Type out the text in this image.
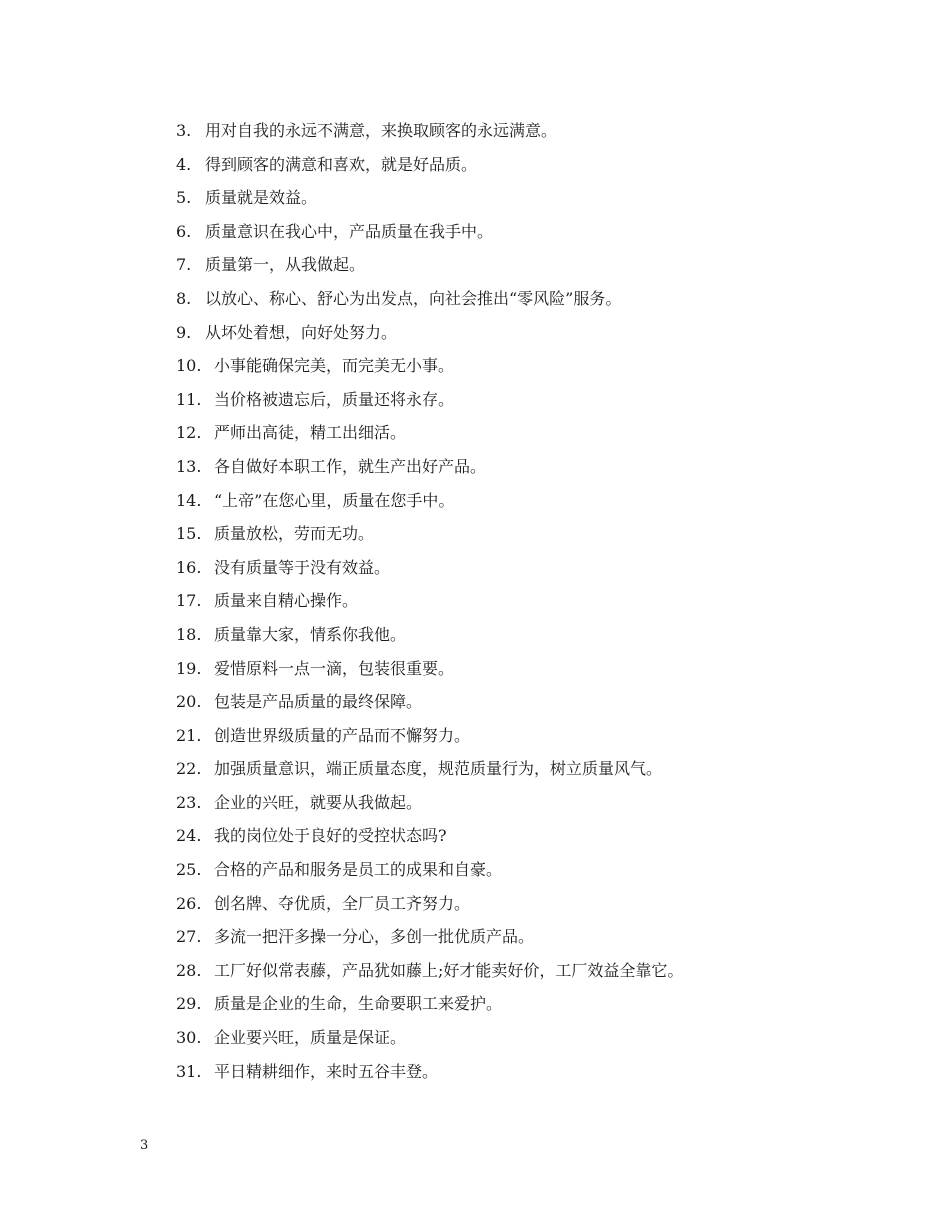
3. 用对自我的永远不满意，来换取顾客的永远满意。
4. 得到顾客的满意和喜欢，就是好品质。
5. 质量就是效益。
6. 质量意识在我心中，产品质量在我手中。
7. 质量第一，从我做起。
8. 以放心、称心、舒心为出发点，向社会推出“零风险”服务。
9. 从坏处着想，向好处努力。
10. 小事能确保完美，而完美无小事。
11. 当价格被遗忘后，质量还将永存。
12. 严师出高徒，精工出细活。
13. 各自做好本职工作，就生产出好产品。
14. “上帝”在您心里，质量在您手中。
15. 质量放松，劳而无功。
16. 没有质量等于没有效益。
17. 质量来自精心操作。
18. 质量靠大家，情系你我他。
19. 爱惜原料一点一滴，包装很重要。
20. 包装是产品质量的最终保障。
21. 创造世界级质量的产品而不懈努力。
22. 加强质量意识，端正质量态度，规范质量行为，树立质量风气。
23. 企业的兴旺，就要从我做起。
24. 我的岗位处于良好的受控状态吗?
25. 合格的产品和服务是员工的成果和自豪。
26. 创名牌、夺优质，全厂员工齐努力。
27. 多流一把汗多操一分心，多创一批优质产品。
28. 工厂好似常表藤，产品犹如藤上;好才能卖好价，工厂效益全靠它。
29. 质量是企业的生命，生命要职工来爱护。
30. 企业要兴旺，质量是保证。
31. 平日精耕细作，来时五谷丰登。
3
